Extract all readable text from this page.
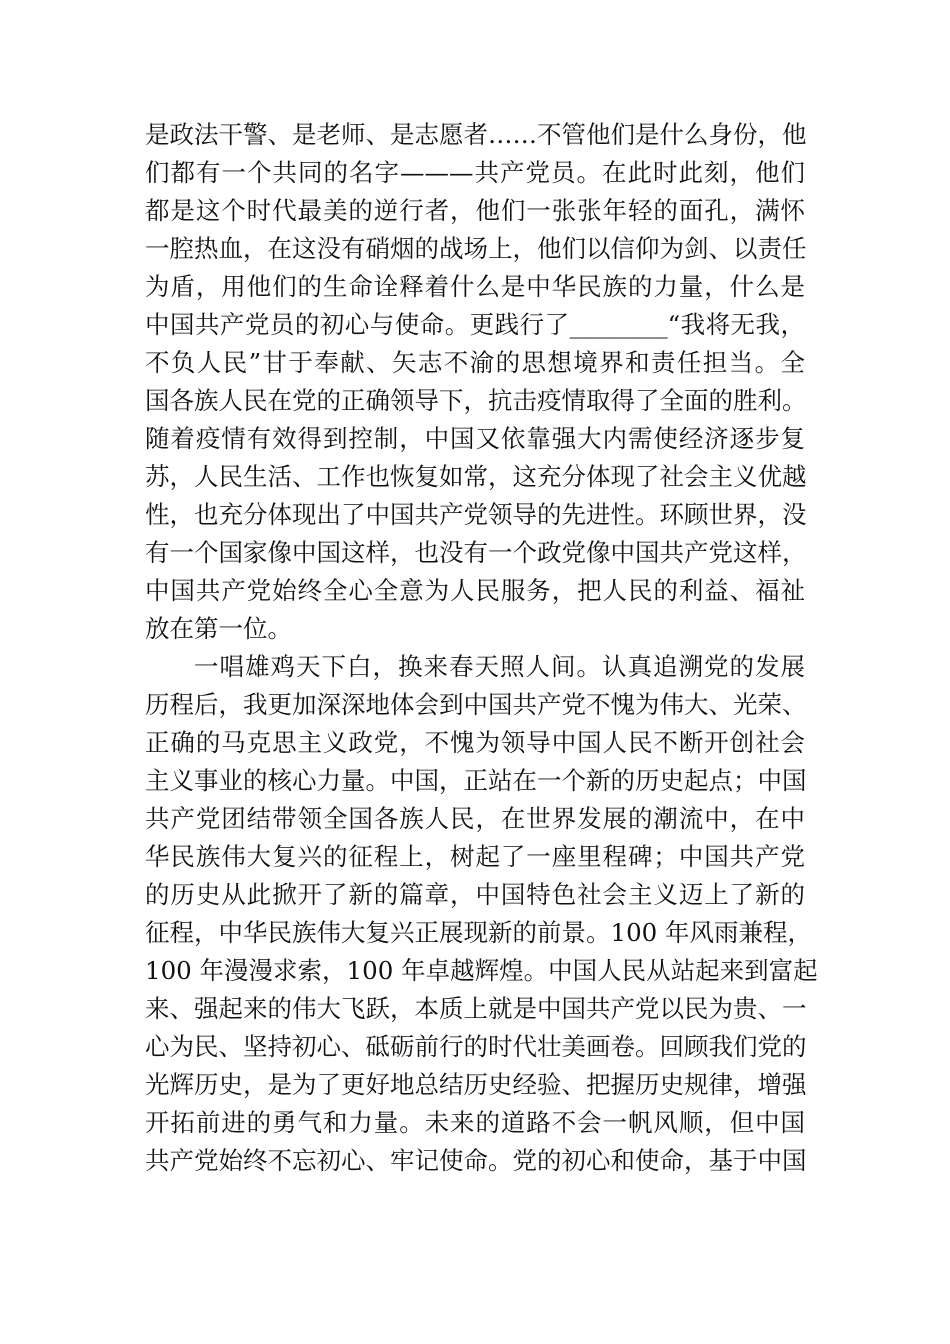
是政法干警、是老师、是志愿者……不管他们是什么身份，他
们都有一个共同的名字———共产党员。在此时此刻，他们
都是这个时代最美的逆行者，他们一张张年轻的面孔，满怀
一腔热血，在这没有硝烟的战场上，他们以信仰为剑、以责任
为盾，用他们的生命诠释着什么是中华民族的力量，什么是
中国共产党员的初心与使命。更践行了________“我将无我，
不负人民”甘于奉献、矢志不渝的思想境界和责任担当。全
国各族人民在党的正确领导下，抗击疫情取得了全面的胜利。
随着疫情有效得到控制，中国又依靠强大内需使经济逐步复
苏，人民生活、工作也恢复如常，这充分体现了社会主义优越
性，也充分体现出了中国共产党领导的先进性。环顾世界，没
有一个国家像中国这样，也没有一个政党像中国共产党这样，
中国共产党始终全心全意为人民服务，把人民的利益、福祉
放在第一位。
一唱雄鸡天下白，换来春天照人间。认真追溯党的发展
历程后，我更加深深地体会到中国共产党不愧为伟大、光荣、
正确的马克思主义政党，不愧为领导中国人民不断开创社会
主义事业的核心力量。中国，正站在一个新的历史起点；中国
共产党团结带领全国各族人民，在世界发展的潮流中，在中
华民族伟大复兴的征程上，树起了一座里程碑；中国共产党
的历史从此掀开了新的篇章，中国特色社会主义迈上了新的
征程，中华民族伟大复兴正展现新的前景。100 年风雨兼程，
100 年漫漫求索，100 年卓越辉煌。中国人民从站起来到富起
来、强起来的伟大飞跃，本质上就是中国共产党以民为贵、一
心为民、坚持初心、砥砺前行的时代壮美画卷。回顾我们党的
光辉历史，是为了更好地总结历史经验、把握历史规律，增强
开拓前进的勇气和力量。未来的道路不会一帆风顺，但中国
共产党始终不忘初心、牢记使命。党的初心和使命，基于中国
